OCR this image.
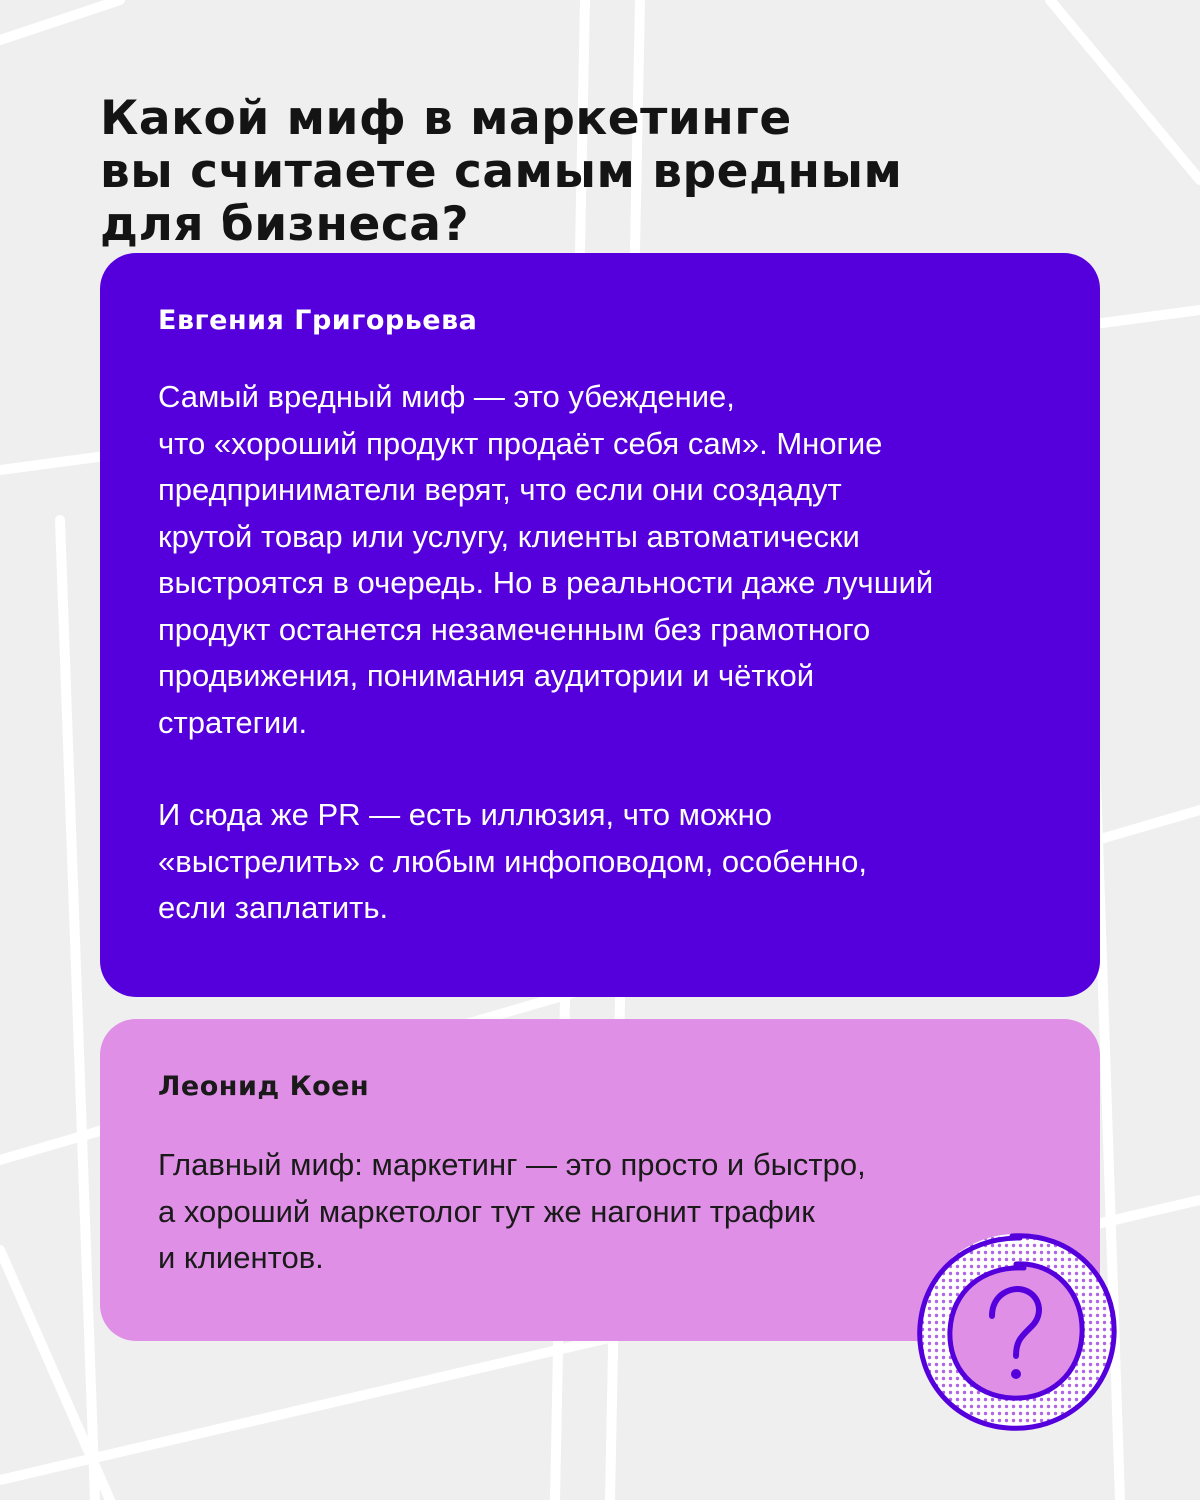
Какой миф в маркетинге
вы считаете самым вредным
для бизнеса?
Евгения Григорьева
Самый вредный миф — это убеждение,
что «хороший продукт продаёт себя сам». Многие
предприниматели верят, что если они создадут
крутой товар или услугу, клиенты автоматически
выстроятся в очередь. Но в реальности даже лучший
продукт останется незамеченным без грамотного
продвижения, понимания аудитории и чёткой
стратегии.
И сюда же PR — есть иллюзия, что можно
«выстрелить» с любым инфоповодом, особенно,
если заплатить.
Леонид Коен
Главный миф: маркетинг — это просто и быстро,
а хороший маркетолог тут же нагонит трафик
и клиентов.
